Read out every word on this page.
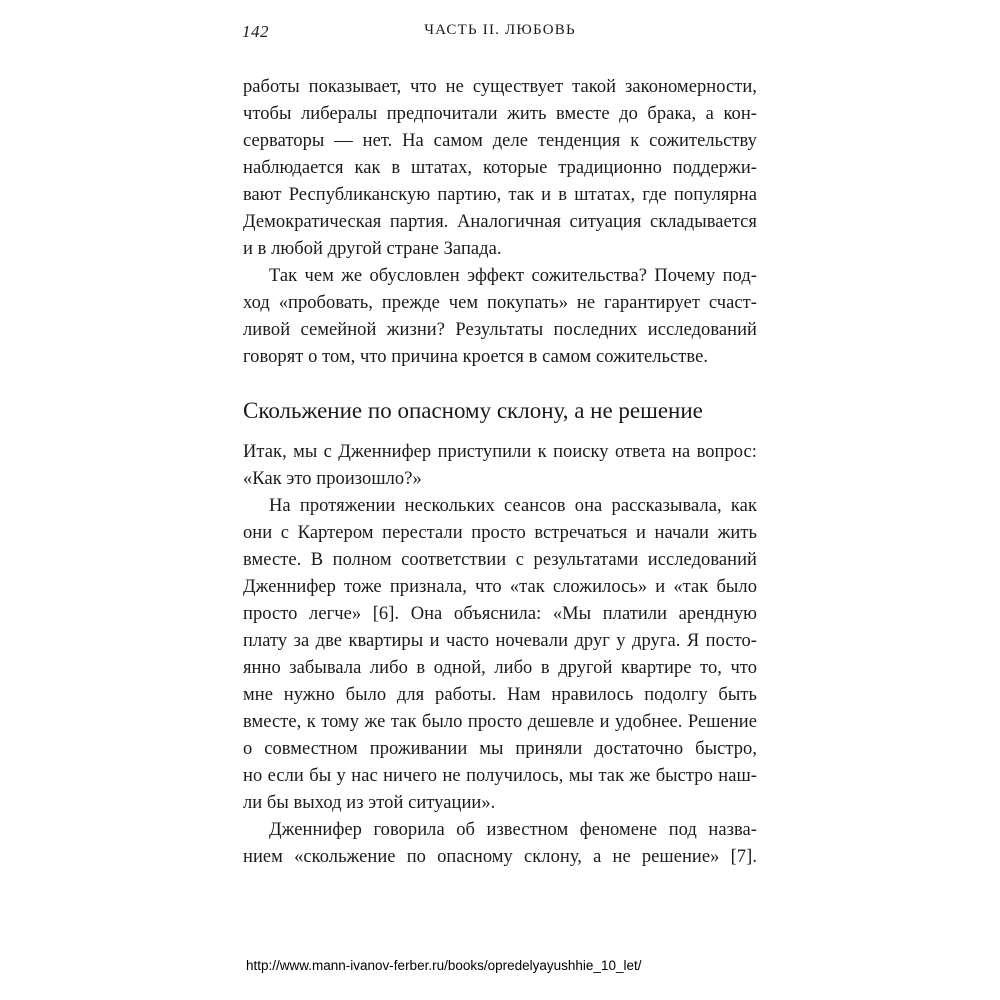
142	ЧАСТЬ II. ЛЮБОВЬ
работы показывает, что не существует такой закономерности,
чтобы либералы предпочитали жить вместе до брака, а кон-
серваторы — нет. На самом деле тенденция к сожительству
наблюдается как в штатах, которые традиционно поддержи-
вают Республиканскую партию, так и в штатах, где популярна
Демократическая партия. Аналогичная ситуация складывается
и в любой другой стране Запада.
Так чем же обусловлен эффект сожительства? Почему под-
ход «пробовать, прежде чем покупать» не гарантирует счаст-
ливой семейной жизни? Результаты последних исследований
говорят о том, что причина кроется в самом сожительстве.
Скольжение по опасному склону, а не решение
Итак, мы с Дженнифер приступили к поиску ответа на вопрос:
«Как это произошло?»
На протяжении нескольких сеансов она рассказывала, как
они с Картером перестали просто встречаться и начали жить
вместе. В полном соответствии с результатами исследований
Дженнифер тоже признала, что «так сложилось» и «так было
просто легче» [6]. Она объяснила: «Мы платили арендную
плату за две квартиры и часто ночевали друг у друга. Я посто-
янно забывала либо в одной, либо в другой квартире то, что
мне нужно было для работы. Нам нравилось подолгу быть
вместе, к тому же так было просто дешевле и удобнее. Решение
о совместном проживании мы приняли достаточно быстро,
но если бы у нас ничего не получилось, мы так же быстро наш-
ли бы выход из этой ситуации».
Дженнифер говорила об известном феномене под назва-
нием «скольжение по опасному склону, а не решение» [7].
http://www.mann-ivanov-ferber.ru/books/opredelyayushhie_10_let/
